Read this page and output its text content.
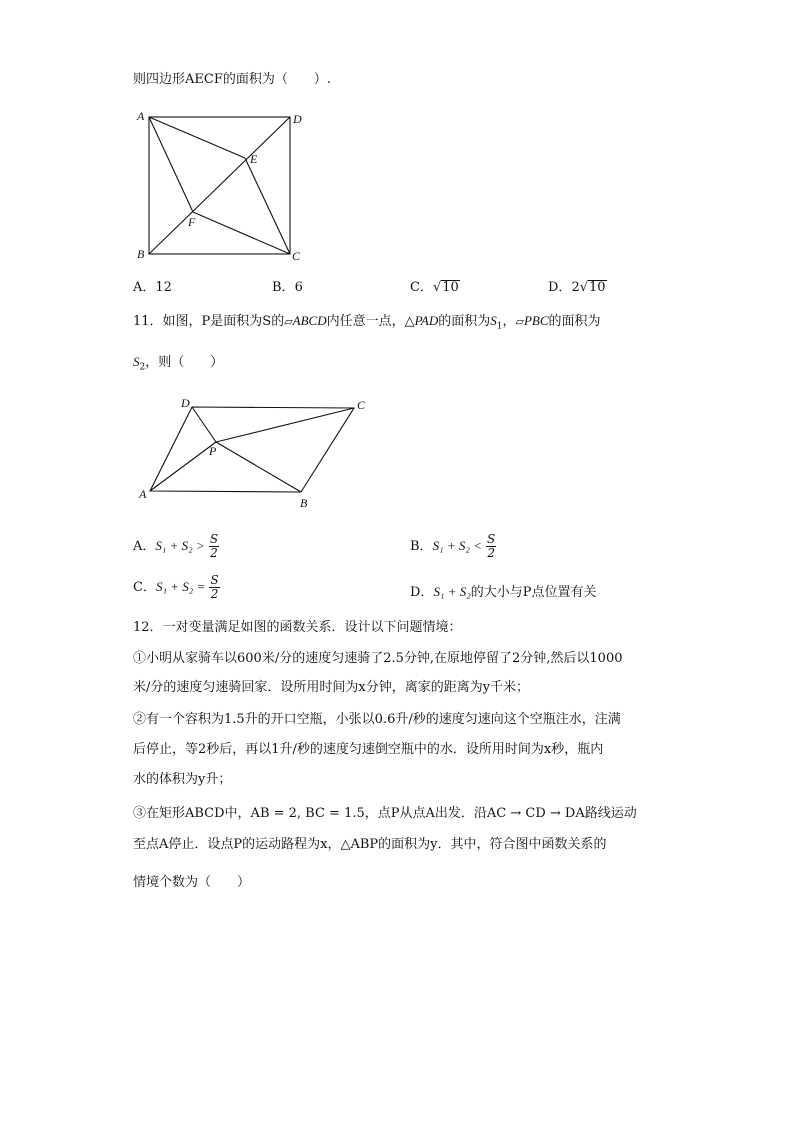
则四边形AECF的面积为（　　）.
A	D
E
F
B	C
A．12	B．6	C．√10	D．2√10
11．如图，P是面积为S的▱ABCD内任意一点，△PAD的面积为$S_1$，▱PBC的面积为
$S_2$，则（　　）
D	C
P
A
B
A．$S_1 + S_2 > \frac{S}{2}$	B．$S_1 + S_2 < \frac{S}{2}$
C．$S_1 + S_2 = \frac{S}{2}$	D．S₁ + S₂的大小与P点位置有关
12．一对变量满足如图的函数关系．设计以下问题情境：
①小明从家骑车以600米/分的速度匀速骑了2.5分钟,在原地停留了2分钟,然后以1000
米/分的速度匀速骑回家．设所用时间为x分钟，离家的距离为y千米；
②有一个容积为1.5升的开口空瓶，小张以0.6升/秒的速度匀速向这个空瓶注水，注满
后停止，等2秒后，再以1升/秒的速度匀速倒空瓶中的水．设所用时间为x秒，瓶内
水的体积为y升；
③在矩形ABCD中，AB = 2, BC = 1.5，点P从点A出发．沿AC → CD → DA路线运动
至点A停止．设点P的运动路程为x，△ABP的面积为y．其中，符合图中函数关系的
情境个数为（　　）
